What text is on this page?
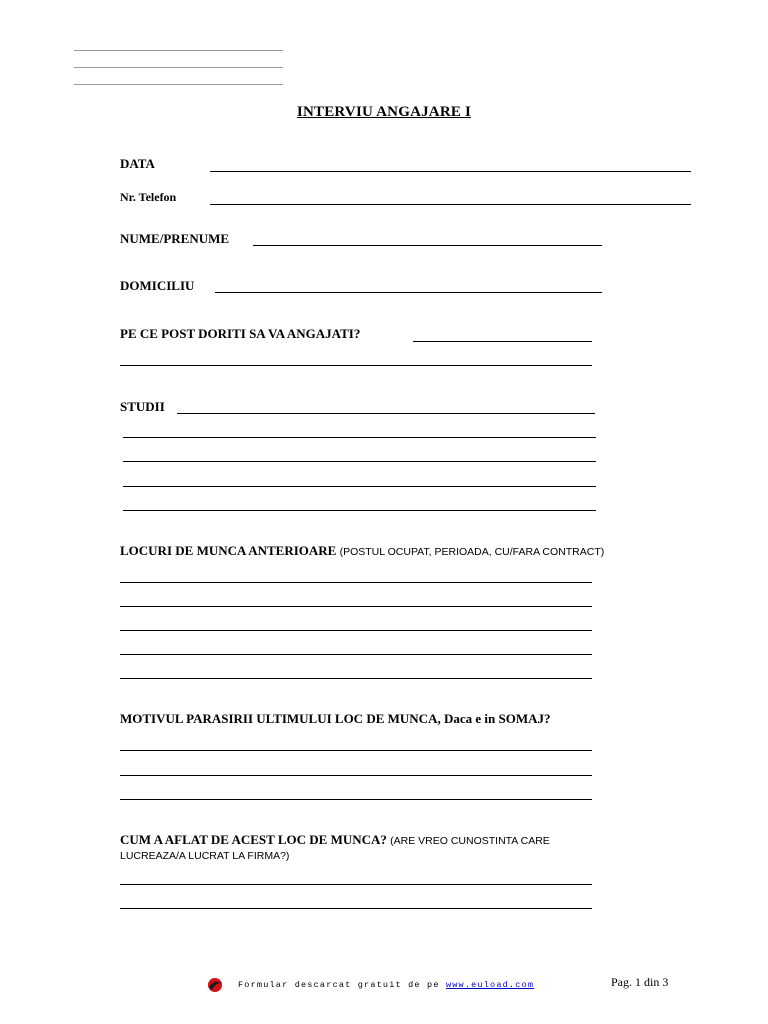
INTERVIU ANGAJARE I
DATA
Nr. Telefon
NUME/PRENUME
DOMICILIU
PE CE POST DORITI SA VA ANGAJATI?
STUDII
LOCURI DE MUNCA ANTERIOARE (POSTUL OCUPAT, PERIOADA, CU/FARA CONTRACT)
MOTIVUL PARASIRII ULTIMULUI LOC DE MUNCA, Daca e in SOMAJ?
CUM A AFLAT DE ACEST LOC DE MUNCA? (ARE VREO CUNOSTINTA CARE
LUCREAZA/A LUCRAT LA FIRMA?)
Formular descarcat gratuit de pe www.euload.com	Pag. 1 din 3
